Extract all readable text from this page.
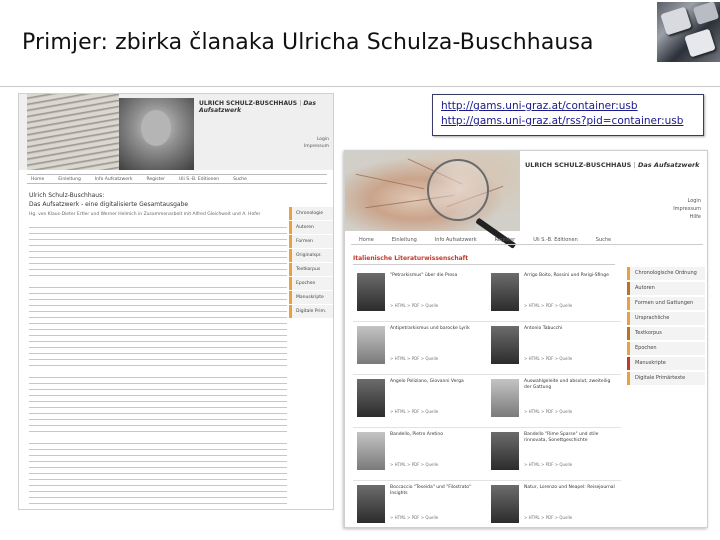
Primjer: zbirka članaka Ulricha Schulza-Buschhausa
ULRICH SCHULZ-BUSCHHAUS | Das Aufsatzwerk
Login
Impressum
Home	Einleitung	Info Aufsatzwerk	Register	Uli S.-B. Editionen	Suche
Ulrich Schulz-Buschhaus:
Das Aufsatzwerk - eine digitalisierte Gesamtausgabe
Hg. von Klaus-Dieter Ertler und Werner Helmich in Zusammenarbeit mit Alfred Gleichweit und A. Hofer	Chronologie
Autoren
Formen
Originalspr.
Textkorpus
Epochen
Manuskripte
Digitale Prim.
http://gams.uni-graz.at/container:usb
http://gams.uni-graz.at/rss?pid=container:usb
ULRICH SCHULZ-BUSCHHAUS | Das Aufsatzwerk
Login
Impressum
Hilfe
Home	Einleitung	Info Aufsatzwerk	Register	Uli S.-B. Editionen	Suche
Italienische Literaturwissenschaft
"Petrarkismus" über die Prosa
> HTML > PDF > Quelle
Arrigo Boito, Rossini und Parigi-Sfinge
> HTML > PDF > Quelle
Antipetrarkismus und barocke Lyrik
> HTML > PDF > Quelle
Antonio Tabucchi
> HTML > PDF > Quelle
Angelo Poliziano, Giovanni Verga
> HTML > PDF > Quelle
Auswahlgeleite und absolut, zweiteilig der Gattung
> HTML > PDF > Quelle
Bandello, Pietro Aretino
> HTML > PDF > Quelle
Bandello "Rime Sparse" und stile rinnovata, Sonettgeschichte
> HTML > PDF > Quelle
Boccaccio "Teseida" und "Filostrato" Insights
> HTML > PDF > Quelle
Natur, Lorenzo und Neapel: Reisejournal
> HTML > PDF > Quelle
Chronologische Ordnung
Autoren
Formen und Gattungen
Ursprachliche
Textkorpus
Epochen
Manuskripte
Digitale Primärtexte
